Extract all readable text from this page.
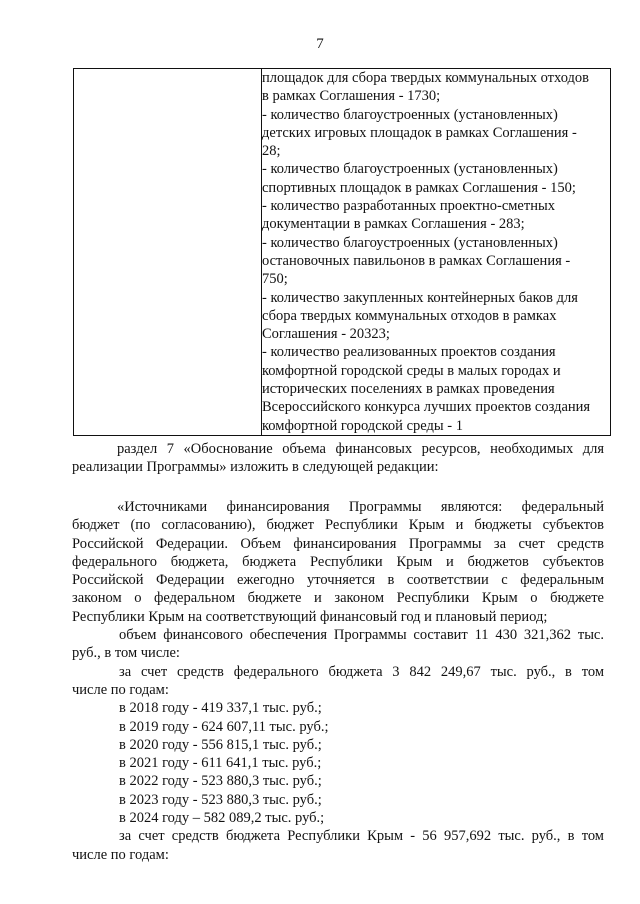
7

площадок для сбора твердых коммунальных отходов
в рамках Соглашения - 1730;
- количество благоустроенных (установленных)
детских игровых площадок в рамках Соглашения -
28;
- количество благоустроенных (установленных)
спортивных площадок в рамках Соглашения - 150;
- количество разработанных проектно-сметных
документации в рамках Соглашения - 283;
- количество благоустроенных (установленных)
остановочных павильонов в рамках Соглашения -
750;
- количество закупленных контейнерных баков для
сбора твердых коммунальных отходов в рамках
Соглашения - 20323;
- количество реализованных проектов создания
комфортной городской среды в малых городах и
исторических поселениях в рамках проведения
Всероссийского конкурса лучших проектов создания
комфортной городской среды - 1
раздел 7 «Обоснование объема финансовых ресурсов, необходимых для
реализации Программы» изложить в следующей редакции:
«Источниками финансирования Программы являются: федеральный
бюджет (по согласованию), бюджет Республики Крым и бюджеты субъектов
Российской Федерации. Объем финансирования Программы за счет средств
федерального бюджета, бюджета Республики Крым и бюджетов субъектов
Российской Федерации ежегодно уточняется в соответствии с федеральным
законом о федеральном бюджете и законом Республики Крым о бюджете
Республики Крым на соответствующий финансовый год и плановый период;
объем финансового обеспечения Программы составит 11 430 321,362 тыс.
руб., в том числе:
за счет средств федерального бюджета 3 842 249,67 тыс. руб., в том
числе по годам:
в 2018 году - 419 337,1 тыс. руб.;
в 2019 году - 624 607,11 тыс. руб.;
в 2020 году - 556 815,1 тыс. руб.;
в 2021 году - 611 641,1 тыс. руб.;
в 2022 году - 523 880,3 тыс. руб.;
в 2023 году - 523 880,3 тыс. руб.;
в 2024 году – 582 089,2 тыс. руб.;
за счет средств бюджета Республики Крым - 56 957,692 тыс. руб., в том
числе по годам:
